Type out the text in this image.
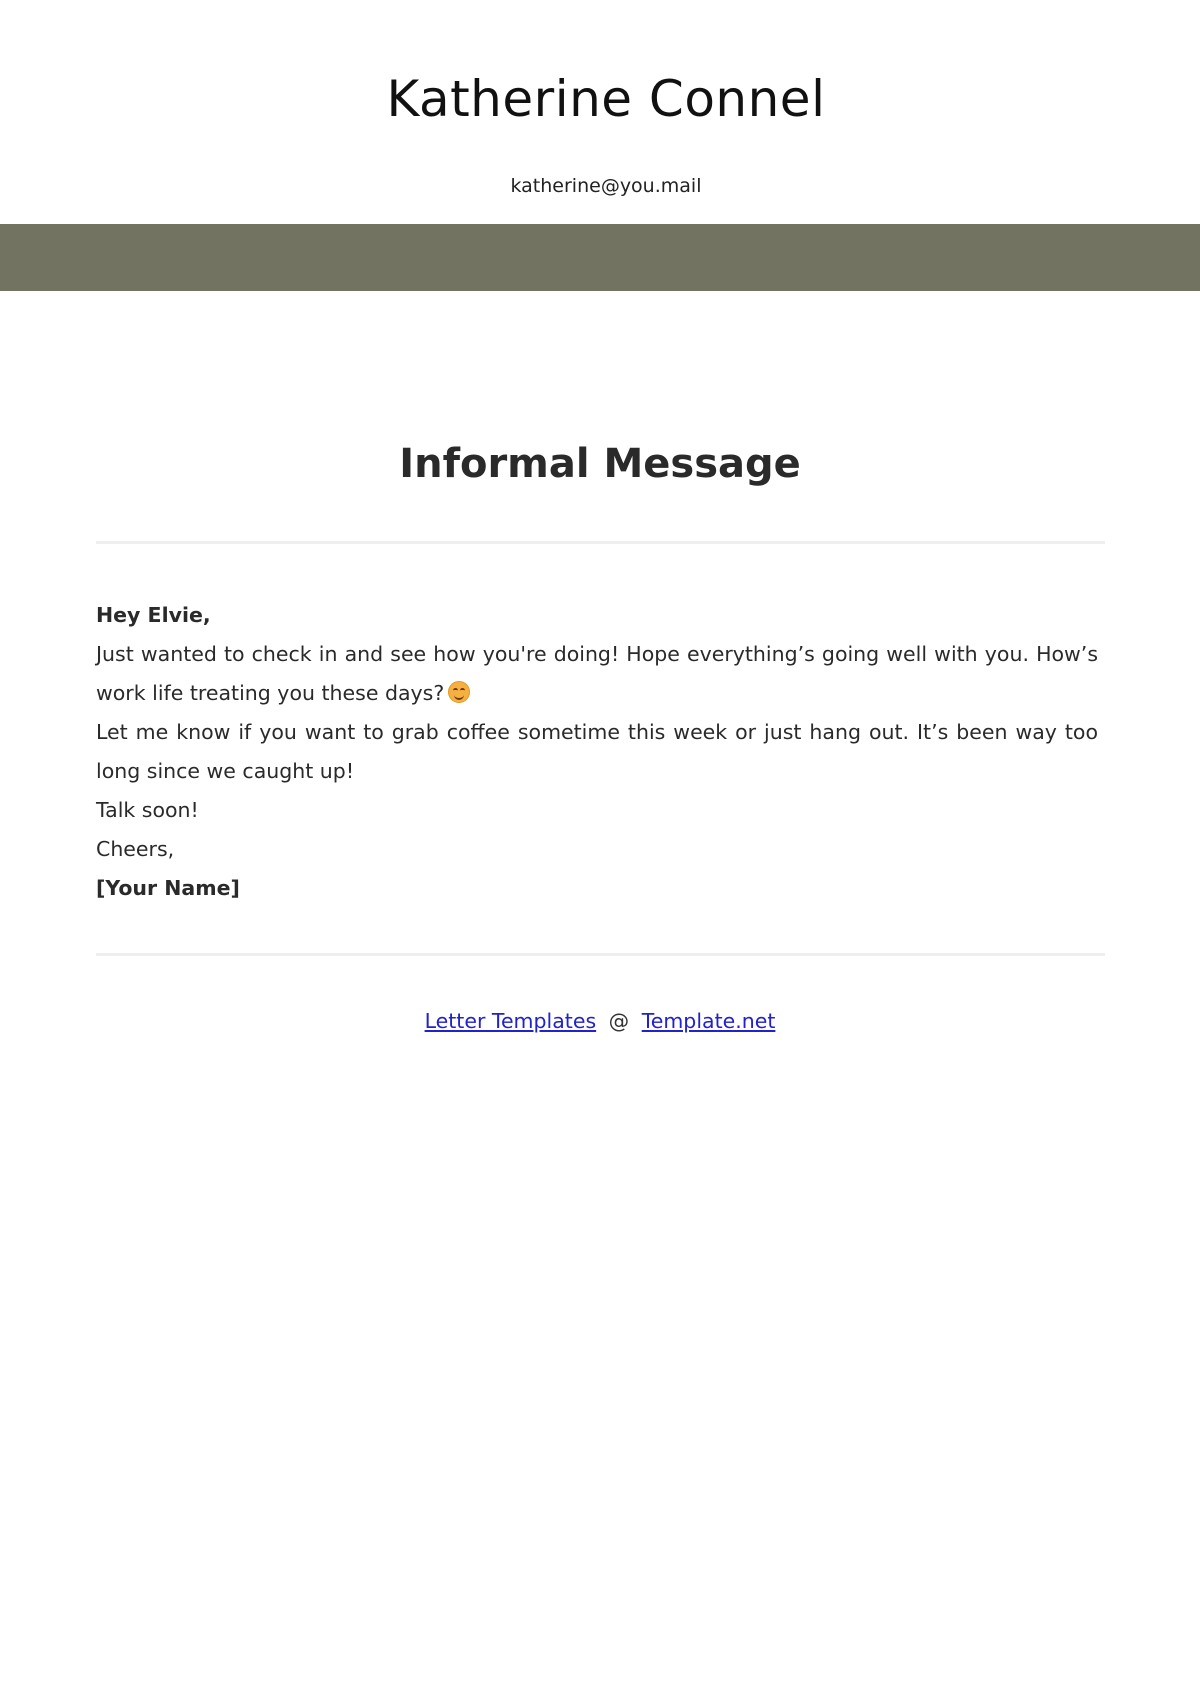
Katherine Connel
katherine@you.mail
Informal Message

Hey Elvie,

Just wanted to check in and see how you're doing! Hope everything’s going well with you. How’s work life treating you these days?

Let me know if you want to grab coffee sometime this week or just hang out. It’s been way too long since we caught up!

Talk soon!

Cheers,

[Your Name]

Letter Templates @ Template.net
